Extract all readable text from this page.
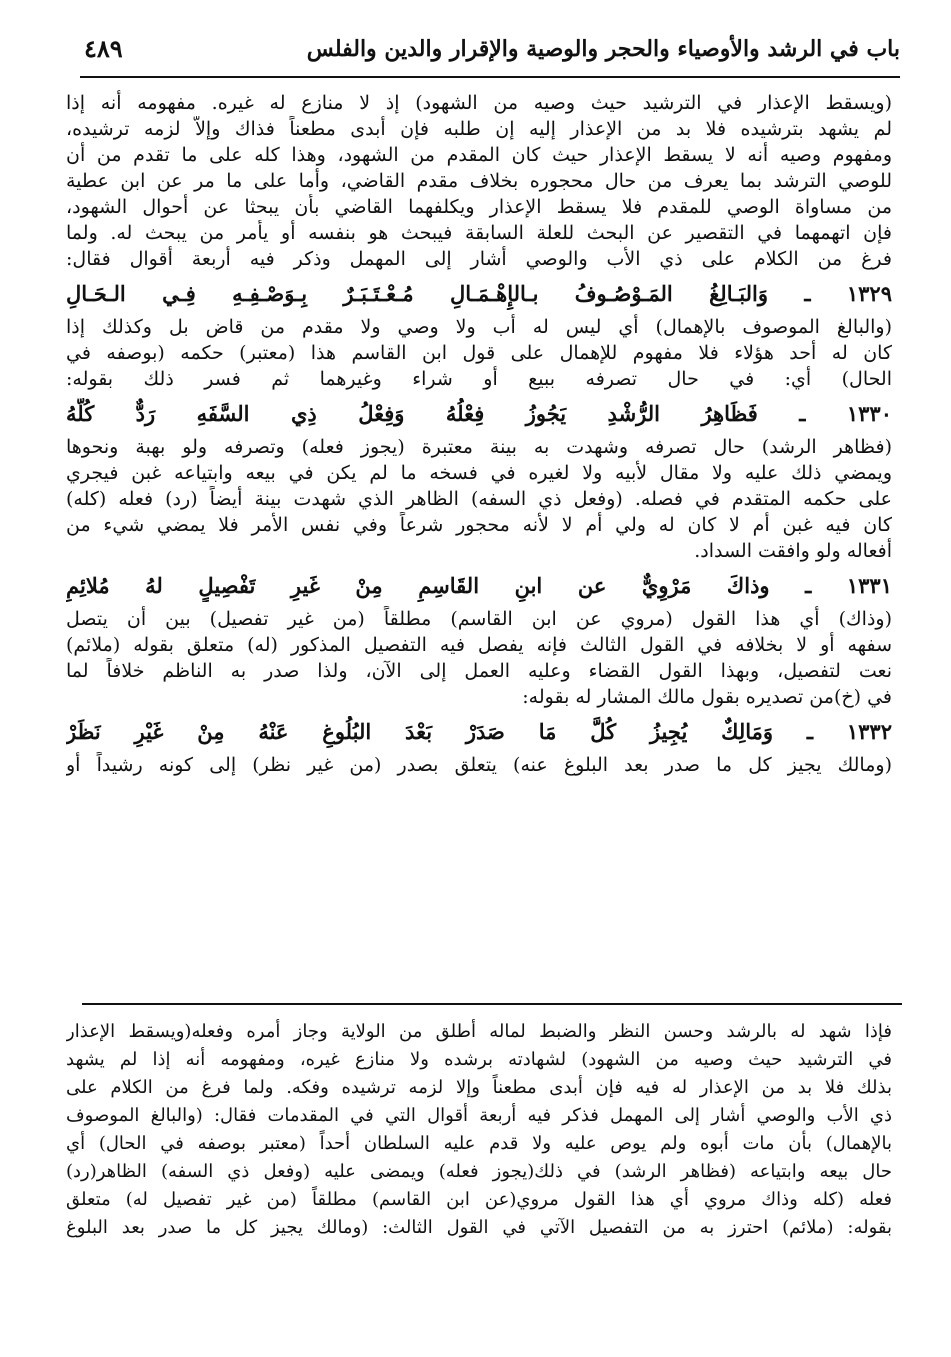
٤٨٩	باب في الرشد والأوصياء والحجر والوصية والإقرار والدين والفلس
(ويسقط الإعذار في الترشيد حيث وصيه من الشهود) إذ لا منازع له غيره. مفهومه أنه إذا
لم يشهد بترشيده فلا بد من الإعذار إليه إن طلبه فإن أبدى مطعناً فذاك وإلاّ لزمه ترشيده،
ومفهوم وصيه أنه لا يسقط الإعذار حيث كان المقدم من الشهود، وهذا كله على ما تقدم من أن
للوصي الترشد بما يعرف من حال محجوره بخلاف مقدم القاضي، وأما على ما مر عن ابن عطية
من مساواة الوصي للمقدم فلا يسقط الإعذار ويكلفهما القاضي بأن يبحثا عن أحوال الشهود،
فإن اتهمهما في التقصير عن البحث للعلة السابقة فيبحث هو بنفسه أو يأمر من يبحث له. ولما
فرغ من الكلام على ذي الأب والوصي أشار إلى المهمل وذكر فيه أربعة أقوال فقال:
١٣٢٩ ـ وَالبَـالِغُ المَـوْصُـوفُ بـالإِهْـمَـالِ مُـعْـتَـبَـرٌ بِـوَصْـفِـهِ فِـي الـحَـالِ
(والبالغ الموصوف بالإهمال) أي ليس له أب ولا وصي ولا مقدم من قاض بل وكذلك إذا
كان له أحد هؤلاء فلا مفهوم للإهمال على قول ابن القاسم هذا (معتبر) حكمه (بوصفه في
الحال) أي: في حال تصرفه ببيع أو شراء وغيرهما ثم فسر ذلك بقوله:
١٣٣٠ ـ فَظَاهِرُ الرُّشْدِ يَجُوزُ فِعْلُهُ وَفِعْلُ ذِي السَّفَهِ رَدٌّ كُلُّهُ
(فظاهر الرشد) حال تصرفه وشهدت به بينة معتبرة (يجوز فعله) وتصرفه ولو بهبة ونحوها
ويمضي ذلك عليه ولا مقال لأبيه ولا لغيره في فسخه ما لم يكن في بيعه وابتياعه غبن فيجري
على حكمه المتقدم في فصله. (وفعل ذي السفه) الظاهر الذي شهدت بينة أيضاً (رد) فعله (كله)
كان فيه غبن أم لا كان له ولي أم لا لأنه محجور شرعاً وفي نفس الأمر فلا يمضي شيء من
أفعاله ولو وافقت السداد.
١٣٣١ ـ وذاكَ مَرْوِيٌّ عن ابنِ القَاسِمِ مِنْ غَيرِ تَفْصِيلٍ لهُ مُلائِمِ
(وذاك) أي هذا القول (مروي عن ابن القاسم) مطلقاً (من غير تفصيل) بين أن يتصل
سفهه أو لا بخلافه في القول الثالث فإنه يفصل فيه التفصيل المذكور (له) متعلق بقوله (ملائم)
نعت لتفصيل، وبهذا القول القضاء وعليه العمل إلى الآن، ولذا صدر به الناظم خلافاً لما
في (خ)من تصديره بقول مالك المشار له بقوله:
١٣٣٢ ـ وَمَالِكٌ يُجِيزُ كُلَّ مَا صَدَرْ بَعْدَ البُلُوغِ عَنْهُ مِنْ غَيْرِ نَظَرْ
(ومالك يجيز كل ما صدر بعد البلوغ عنه) يتعلق بصدر (من غير نظر) إلى كونه رشيداً أو
فإذا شهد له بالرشد وحسن النظر والضبط لماله أطلق من الولاية وجاز أمره وفعله(ويسقط الإعذار
في الترشيد حيث وصيه من الشهود) لشهادته برشده ولا منازع غيره، ومفهومه أنه إذا لم يشهد
بذلك فلا بد من الإعذار له فيه فإن أبدى مطعناً وإلا لزمه ترشيده وفكه. ولما فرغ من الكلام على
ذي الأب والوصي أشار إلى المهمل فذكر فيه أربعة أقوال التي في المقدمات فقال: (والبالغ الموصوف
بالإهمال) بأن مات أبوه ولم يوص عليه ولا قدم عليه السلطان أحداً (معتبر بوصفه في الحال) أي
حال بيعه وابتياعه (فظاهر الرشد) في ذلك(يجوز فعله) ويمضى عليه (وفعل ذي السفه) الظاهر(رد)
فعله (كله وذاك مروي أي هذا القول مروي(عن ابن القاسم) مطلقاً (من غير تفصيل له) متعلق
بقوله: (ملائم) احترز به من التفصيل الآتي في القول الثالث: (ومالك يجيز كل ما صدر بعد البلوغ
